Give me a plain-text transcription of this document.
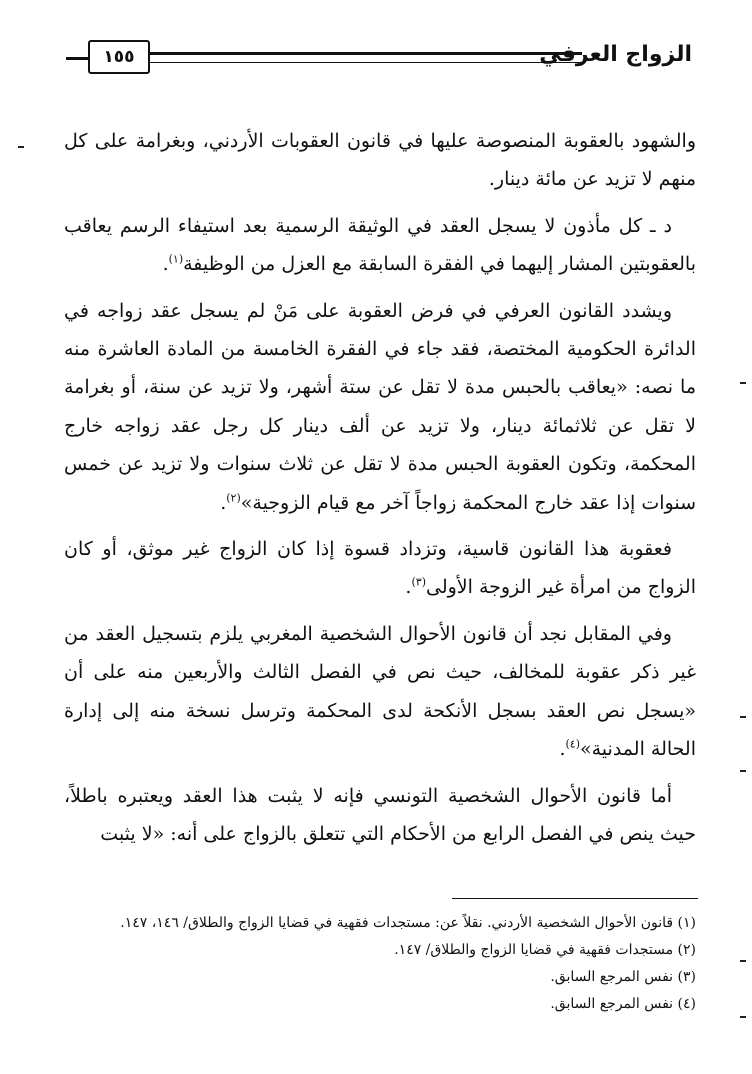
الزواج العرفي
١٥٥

والشهود بالعقوبة المنصوصة عليها في قانون العقوبات الأردني، وبغرامة على كل منهم لا تزيد عن مائة دينار.

د ـ كل مأذون لا يسجل العقد في الوثيقة الرسمية بعد استيفاء الرسم يعاقب بالعقوبتين المشار إليهما في الفقرة السابقة مع العزل من الوظيفة$^{(١)}$.

ويشدد القانون العرفي في فرض العقوبة على مَنْ لم يسجل عقد زواجه في الدائرة الحكومية المختصة، فقد جاء في الفقرة الخامسة من المادة العاشرة منه ما نصه: «يعاقب بالحبس مدة لا تقل عن ستة أشهر، ولا تزيد عن سنة، أو بغرامة لا تقل عن ثلاثمائة دينار، ولا تزيد عن ألف دينار كل رجل عقد زواجه خارج المحكمة، وتكون العقوبة الحبس مدة لا تقل عن ثلاث سنوات ولا تزيد عن خمس سنوات إذا عقد خارج المحكمة زواجاً آخر مع قيام الزوجية»$^{(٢)}$.

فعقوبة هذا القانون قاسية، وتزداد قسوة إذا كان الزواج غير موثق، أو كان الزواج من امرأة غير الزوجة الأولى$^{(٣)}$.

وفي المقابل نجد أن قانون الأحوال الشخصية المغربي يلزم بتسجيل العقد من غير ذكر عقوبة للمخالف، حيث نص في الفصل الثالث والأربعين منه على أن «يسجل نص العقد بسجل الأنكحة لدى المحكمة وترسل نسخة منه إلى إدارة الحالة المدنية»$^{(٤)}$.

أما قانون الأحوال الشخصية التونسي فإنه لا يثبت هذا العقد ويعتبره باطلاً، حيث ينص في الفصل الرابع من الأحكام التي تتعلق بالزواج على أنه: «لا يثبت

(١) قانون الأحوال الشخصية الأردني. نقلاً عن: مستجدات فقهية في قضايا الزواج والطلاق/ ١٤٦، ١٤٧.

(٢) مستجدات فقهية في قضايا الزواج والطلاق/ ١٤٧.

(٣) نفس المرجع السابق.

(٤) نفس المرجع السابق.
